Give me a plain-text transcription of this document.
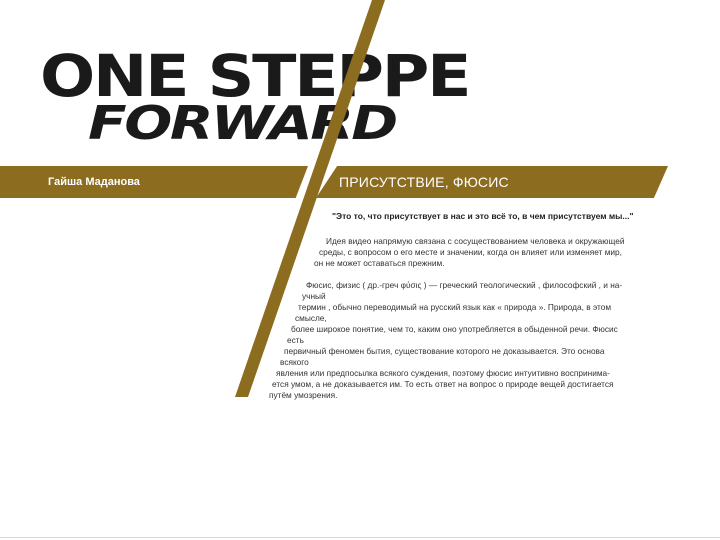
ONE STEPPE
FORWARD
Гайша Маданова	ПРИСУТСТВИЕ, ФЮСИС
"Это то, что присутствует в нас и это всё то, в чем присутствуем мы..."
Идея видео напрямую связана с сосуществованием человека и окружающей
среды, с вопросом о его месте и значении, когда он влияет или изменяет мир,
он не может оставаться прежним.
Фюсис, физис ( др.-греч φύσις ) — греческий теологический , философский , и на-
учный
термин , обычно переводимый на русский язык как « природа ». Природа, в этом
смысле,
более широкое понятие, чем то, каким оно употребляется в обыденной речи. Фюсис
есть
первичный феномен бытия, существование которого не доказывается. Это основа
всякого
явления или предпосылка всякого суждения, поэтому фюсис интуитивно воспринима-
ется умом, а не доказывается им. То есть ответ на вопрос о природе вещей достигается
путём умозрения.
